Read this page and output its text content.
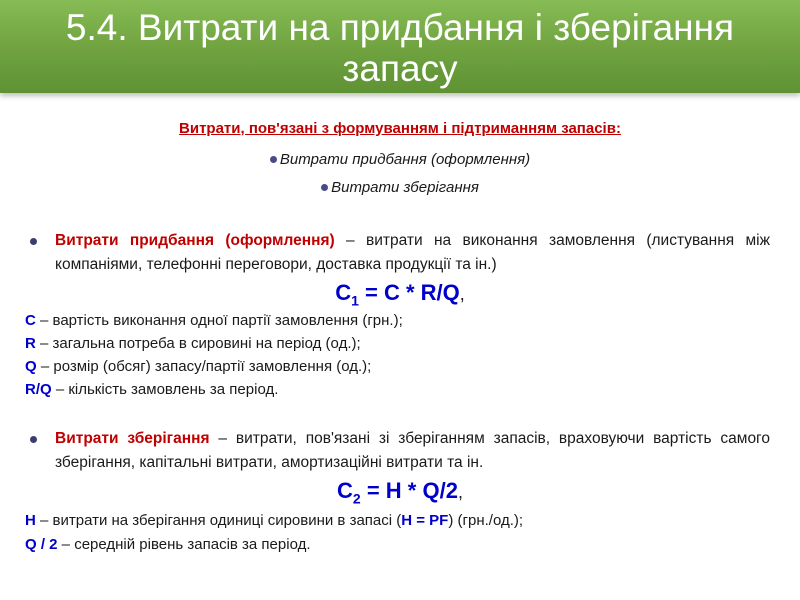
5.4. Витрати на придбання і зберігання
запасу
Витрати, пов'язані з формуванням і підтриманням запасів:
Витрати придбання (оформлення)
Витрати зберігання
Витрати придбання (оформлення) – витрати на виконання замовлення (листування між компаніями, телефонні переговори, доставка продукції та ін.)
$C_1 = C * R/Q$,
C – вартість виконання одної партії замовлення (грн.);
R – загальна потреба в сировині на період (од.);
Q – розмір (обсяг) запасу/партії замовлення (од.);
R/Q – кількість замовлень за період.
Витрати зберігання – витрати, пов'язані зі зберіганням запасів, враховуючи вартість самого зберігання, капітальні витрати, амортизаційні витрати та ін.
$C_2 = H * Q/2$,
H – витрати на зберігання одиниці сировини в запасі (H = PF) (грн./од.);
Q / 2 – середній рівень запасів за період.
